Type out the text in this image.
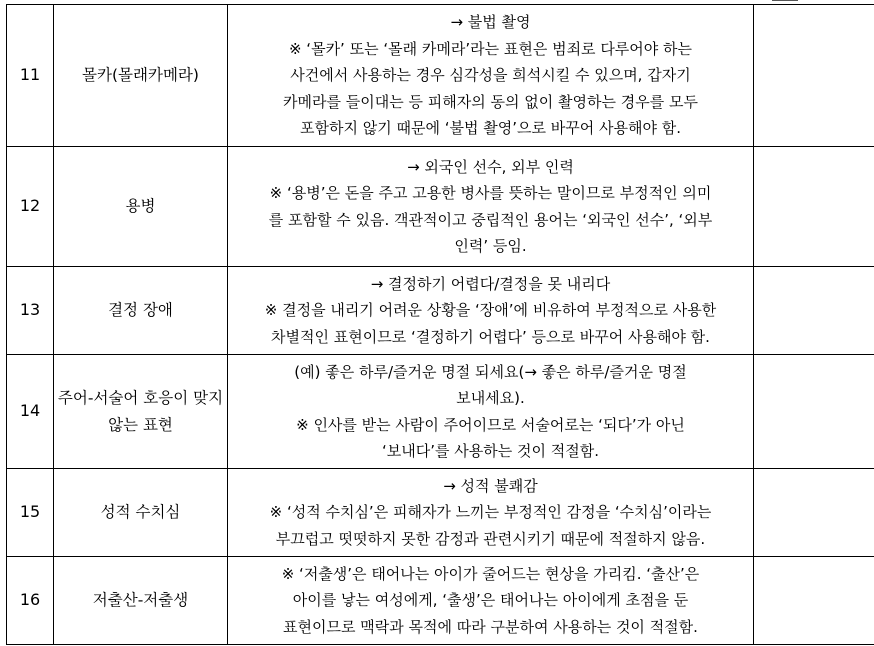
11	몰카(몰래카메라)	→ 불법 촬영
※ ‘몰카’ 또는 ‘몰래 카메라’라는 표현은 범죄로 다루어야 하는
사건에서 사용하는 경우 심각성을 희석시킬 수 있으며, 갑자기
카메라를 들이대는 등 피해자의 동의 없이 촬영하는 경우를 모두
포함하지 않기 때문에 ‘불법 촬영’으로 바꾸어 사용해야 함.	

12	용병	→ 외국인 선수, 외부 인력
※ ‘용병’은 돈을 주고 고용한 병사를 뜻하는 말이므로 부정적인 의미
를 포함할 수 있음. 객관적이고 중립적인 용어는 ‘외국인 선수’, ‘외부
인력’ 등임.	

13	결정 장애	→ 결정하기 어렵다/결정을 못 내리다
※ 결정을 내리기 어려운 상황을 ‘장애’에 비유하여 부정적으로 사용한
차별적인 표현이므로 ‘결정하기 어렵다’ 등으로 바꾸어 사용해야 함.	

14	주어-서술어 호응이 맞지
않는 표현	(예) 좋은 하루/즐거운 명절 되세요(→ 좋은 하루/즐거운 명절
보내세요).
※ 인사를 받는 사람이 주어이므로 서술어로는 ‘되다’가 아닌
‘보내다’를 사용하는 것이 적절함.	

15	성적 수치심	→ 성적 불쾌감
※ ‘성적 수치심’은 피해자가 느끼는 부정적인 감정을 ‘수치심’이라는
부끄럽고 떳떳하지 못한 감정과 관련시키기 때문에 적절하지 않음.	

16	저출산-저출생	※ ‘저출생’은 태어나는 아이가 줄어드는 현상을 가리킴. ‘출산’은
아이를 낳는 여성에게, ‘출생’은 태어나는 아이에게 초점을 둔
표현이므로 맥락과 목적에 따라 구분하여 사용하는 것이 적절함.	
